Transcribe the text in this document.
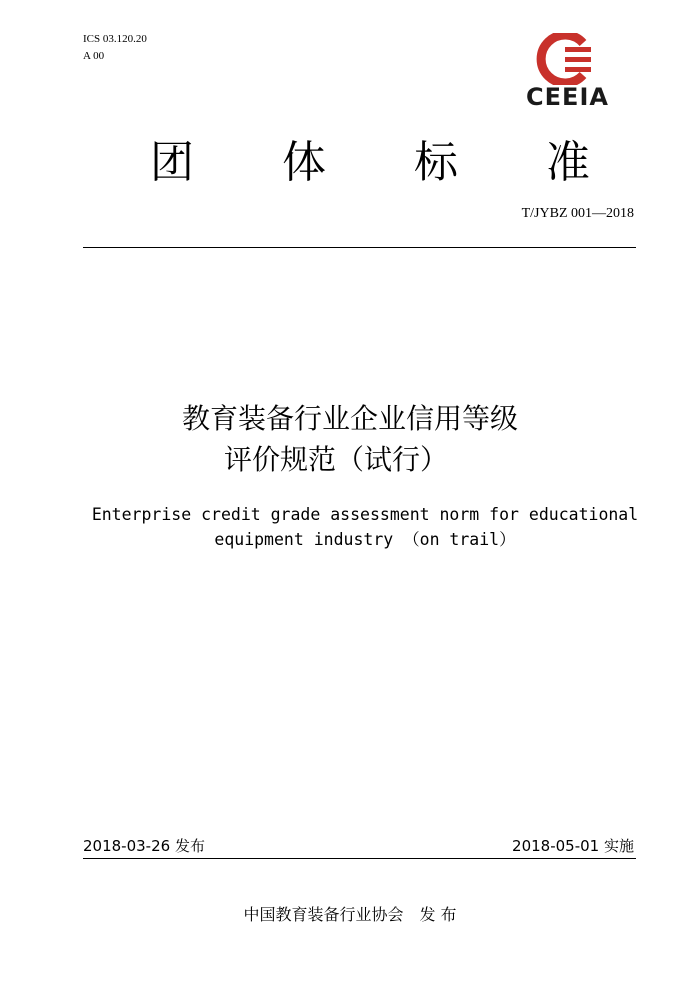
ICS 03.120.20
A 00
CEEIA
团 体 标 准
T/JYBZ 001—2018
教育装备行业企业信用等级
评价规范（试行）
Enterprise credit grade assessment norm for educational
equipment industry （on trail）
2018-03-26 发布	2018-05-01 实施
中国教育装备行业协会　发 布
